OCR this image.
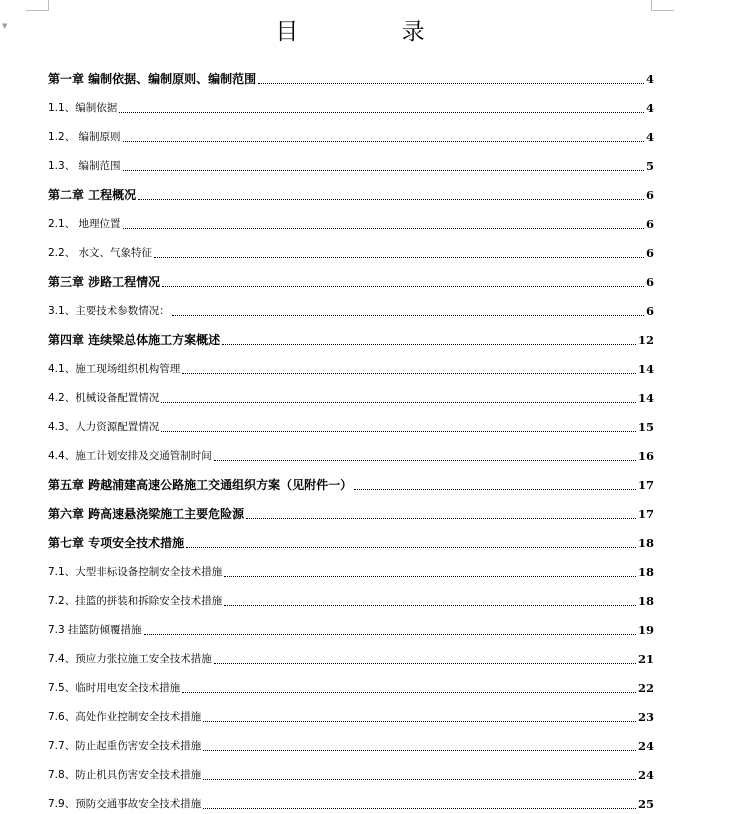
▼	目 录
第一章 编制依据、编制原则、编制范围	4
1.1、编制依据	4
1.2、 编制原则	4
1.3、 编制范围	5
第二章 工程概况	6
2.1、 地理位置	6
2.2、 水文、气象特征	6
第三章 涉路工程情况	6
3.1、主要技术参数情况：	6
第四章 连续梁总体施工方案概述	12
4.1、施工现场组织机构管理	14
4.2、机械设备配置情况	14
4.3、人力资源配置情况	15
4.4、施工计划安排及交通管制时间	16
第五章 跨越浦建高速公路施工交通组织方案（见附件一）	17
第六章 跨高速悬浇梁施工主要危险源	17
第七章 专项安全技术措施	18
7.1、大型非标设备控制安全技术措施	18
7.2、挂篮的拼装和拆除安全技术措施	18
7.3 挂篮防倾覆措施	19
7.4、预应力张拉施工安全技术措施	21
7.5、临时用电安全技术措施	22
7.6、高处作业控制安全技术措施	23
7.7、防止起重伤害安全技术措施	24
7.8、防止机具伤害安全技术措施	24
7.9、预防交通事故安全技术措施	25
